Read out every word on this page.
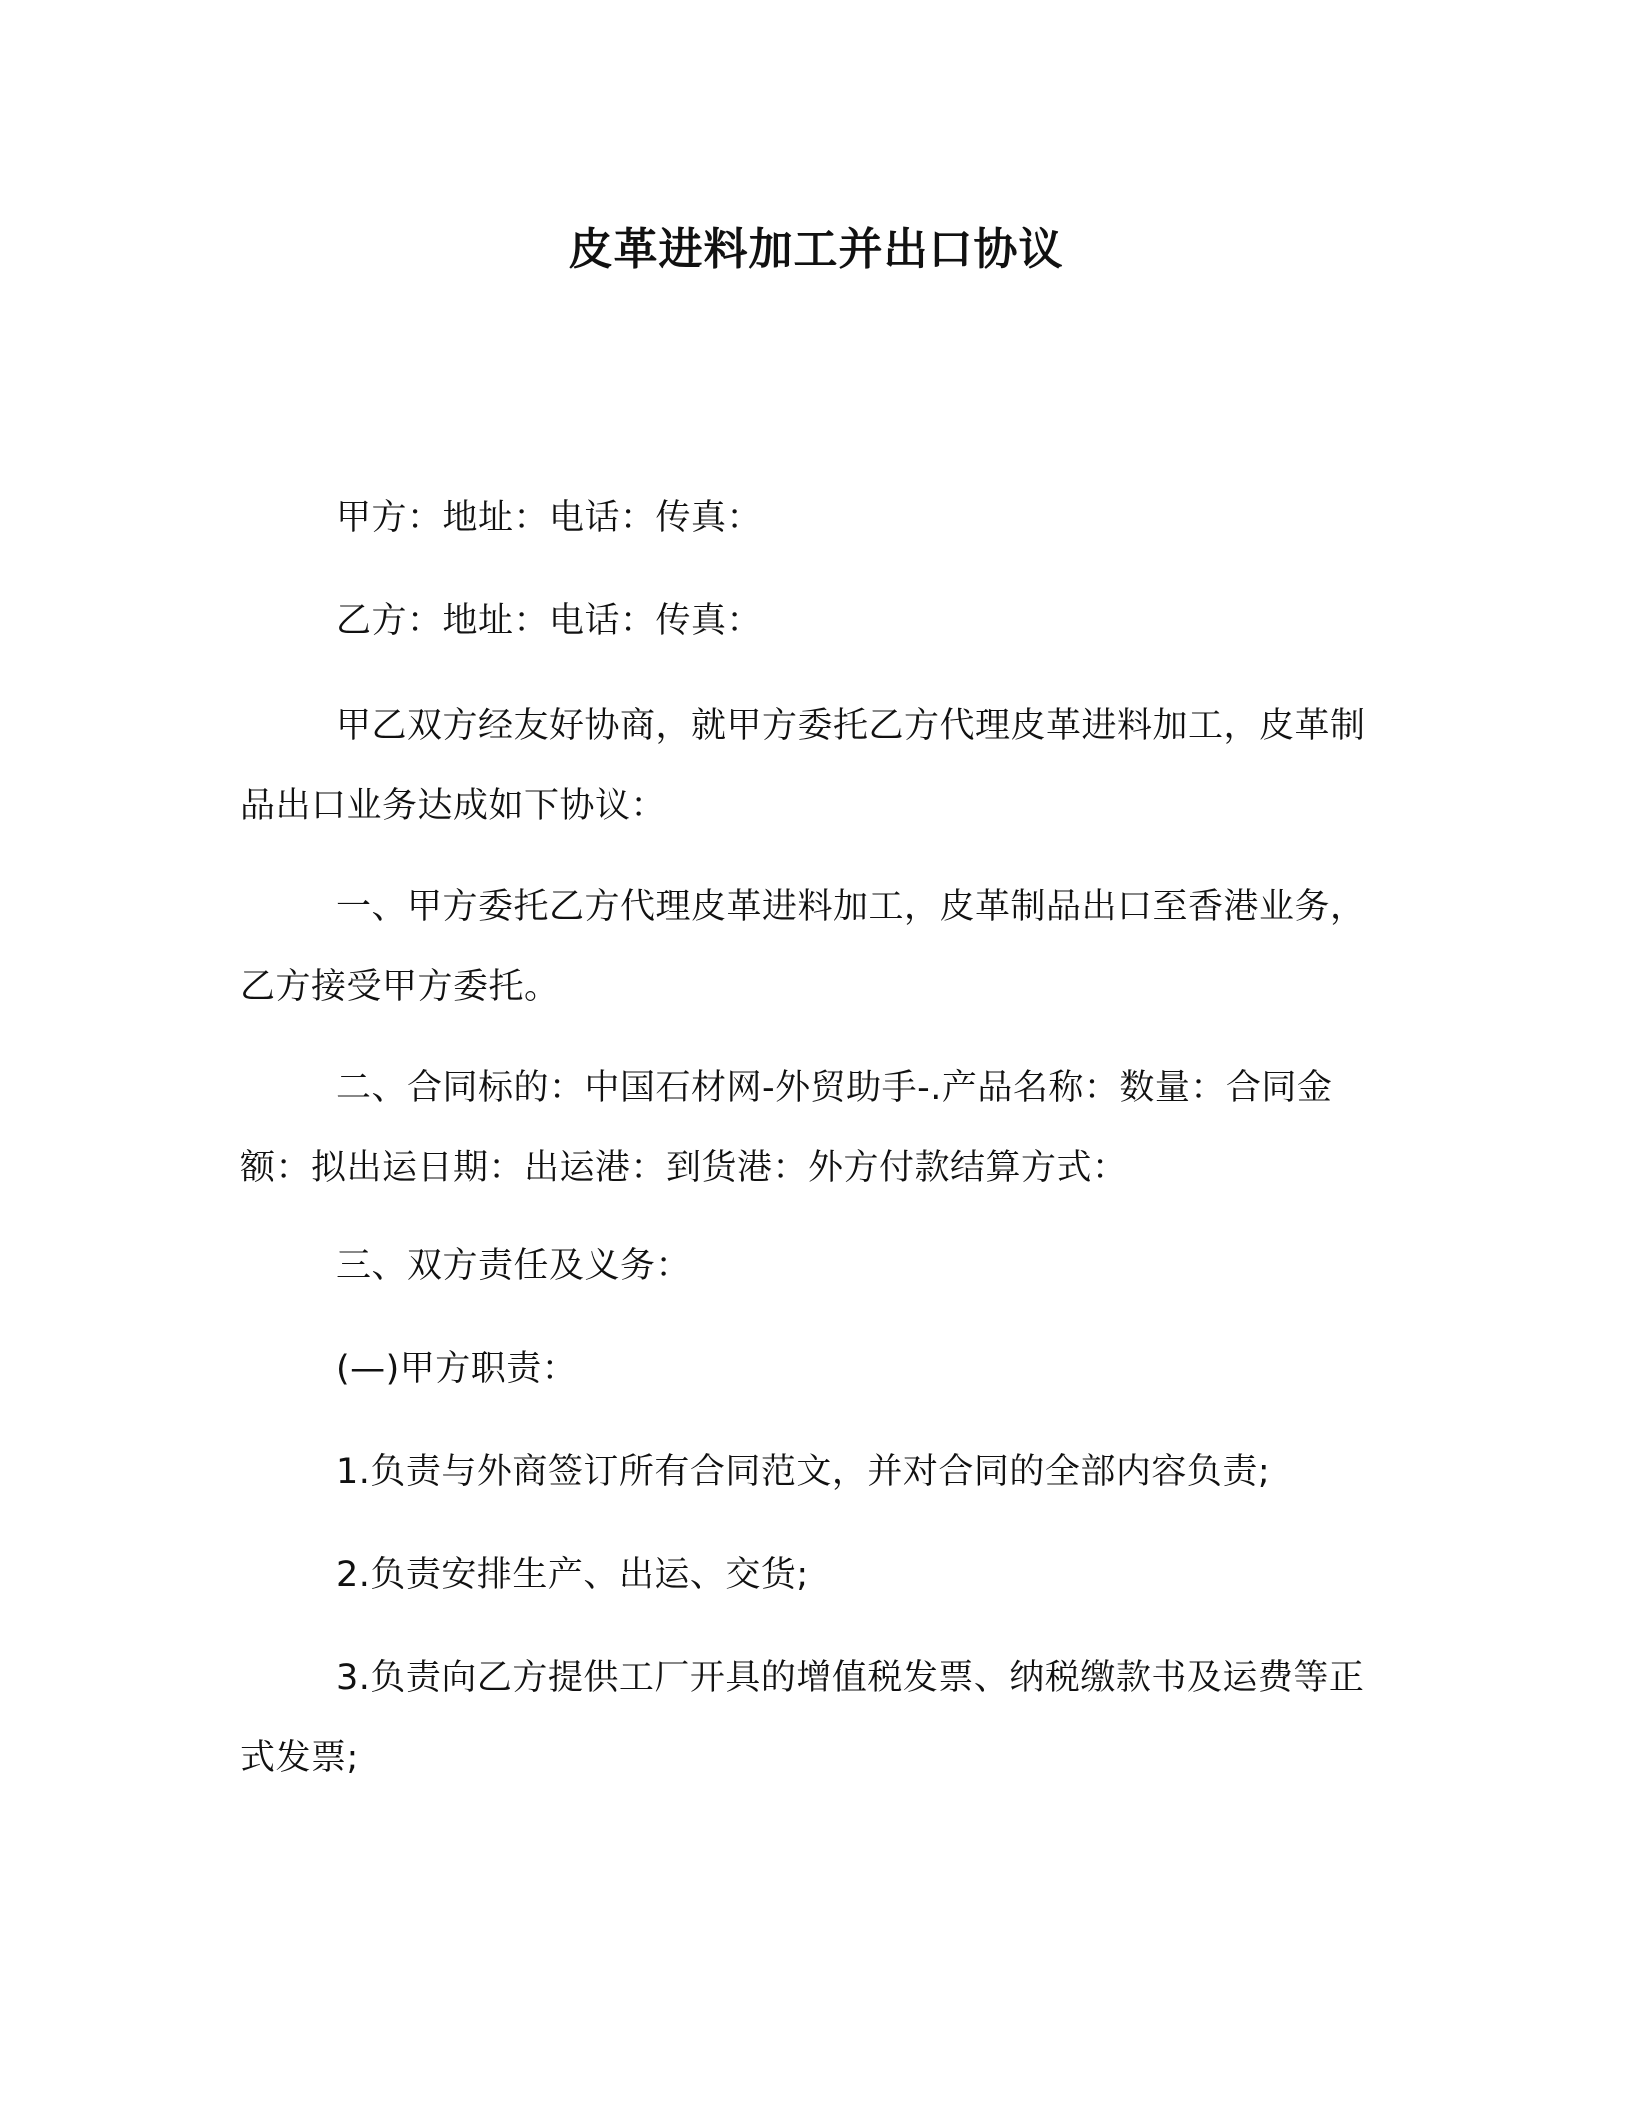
皮革进料加工并出口协议
甲方：地址：电话：传真：
乙方：地址：电话：传真：
甲乙双方经友好协商，就甲方委托乙方代理皮革进料加工，皮革制品出口业务达成如下协议：
一、甲方委托乙方代理皮革进料加工，皮革制品出口至香港业务，乙方接受甲方委托。
二、合同标的：中国石材网-外贸助手-.产品名称：数量：合同金额：拟出运日期：出运港：到货港：外方付款结算方式：
三、双方责任及义务：
(—)甲方职责：
1.负责与外商签订所有合同范文，并对合同的全部内容负责;
2.负责安排生产、出运、交货;
3.负责向乙方提供工厂开具的增值税发票、纳税缴款书及运费等正式发票;
